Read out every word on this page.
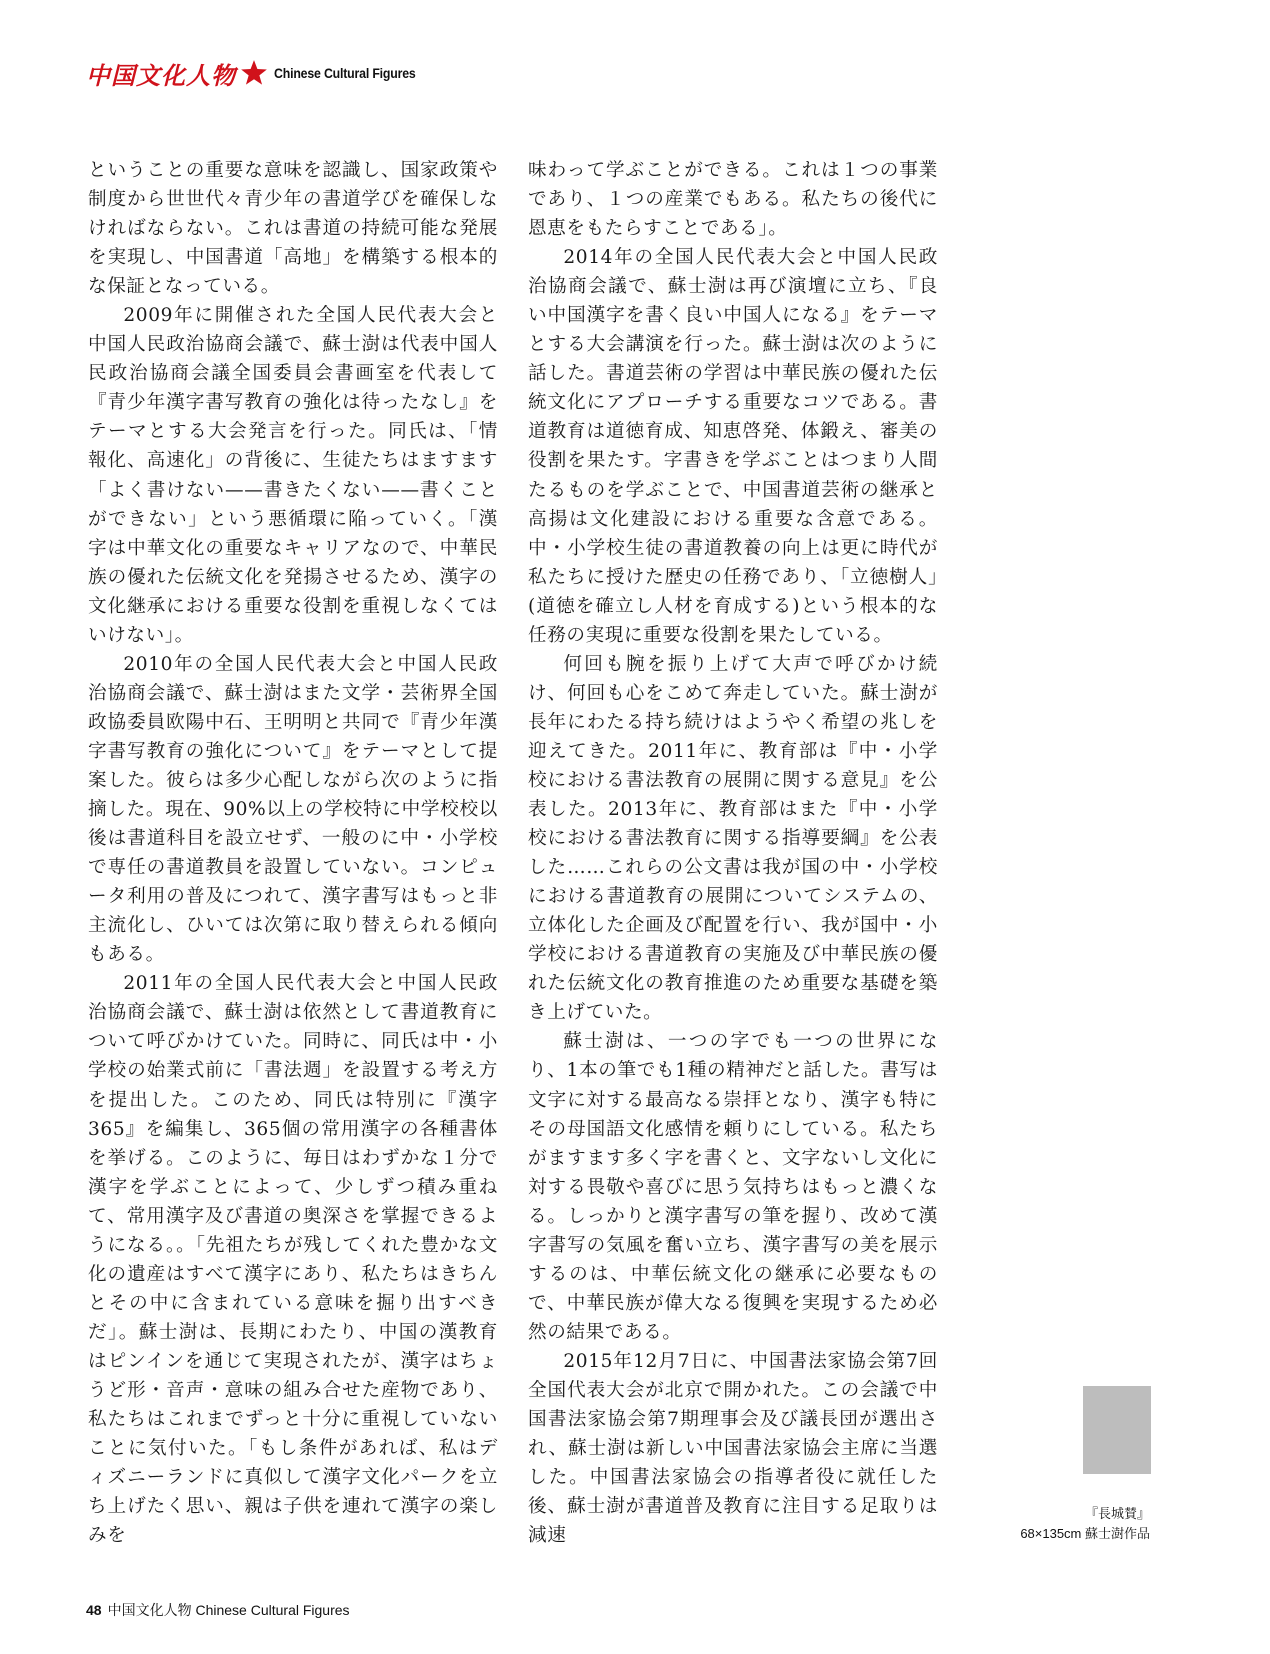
中国文化人物	Chinese Cultural Figures

ということの重要な意味を認識し、国家政策や制度から世世代々青少年の書道学びを確保しなければならない。これは書道の持続可能な発展を実現し、中国書道「高地」を構築する根本的な保証となっている。

2009年に開催された全国人民代表大会と中国人民政治協商会議で、蘇士澍は代表中国人民政治協商会議全国委員会書画室を代表して『青少年漢字書写教育の強化は待ったなし』をテーマとする大会発言を行った。同氏は、「情報化、高速化」の背後に、生徒たちはますます「よく書けない——書きたくない——書くことができない」という悪循環に陥っていく。「漢字は中華文化の重要なキャリアなので、中華民族の優れた伝統文化を発揚させるため、漢字の文化継承における重要な役割を重視しなくてはいけない」。

2010年の全国人民代表大会と中国人民政治協商会議で、蘇士澍はまた文学・芸術界全国政協委員欧陽中石、王明明と共同で『青少年漢字書写教育の強化について』をテーマとして提案した。彼らは多少心配しながら次のように指摘した。現在、90%以上の学校特に中学校校以後は書道科目を設立せず、一般のに中・小学校で専任の書道教員を設置していない。コンピュータ利用の普及につれて、漢字書写はもっと非主流化し、ひいては次第に取り替えられる傾向もある。

2011年の全国人民代表大会と中国人民政治協商会議で、蘇士澍は依然として書道教育について呼びかけていた。同時に、同氏は中・小学校の始業式前に「書法週」を設置する考え方を提出した。このため、同氏は特別に『漢字365』を編集し、365個の常用漢字の各種書体を挙げる。このように、毎日はわずかな１分で漢字を学ぶことによって、少しずつ積み重ねて、常用漢字及び書道の奥深さを掌握できるようになる。。「先祖たちが残してくれた豊かな文化の遺産はすべて漢字にあり、私たちはきちんとその中に含まれている意味を掘り出すべきだ」。蘇士澍は、長期にわたり、中国の漢教育はピンインを通じて実現されたが、漢字はちょうど形・音声・意味の組み合せた産物であり、私たちはこれまでずっと十分に重視していないことに気付いた。「もし条件があれば、私はディズニーランドに真似して漢字文化パークを立ち上げたく思い、親は子供を連れて漢字の楽しみを

味わって学ぶことができる。これは１つの事業であり、１つの産業でもある。私たちの後代に恩恵をもたらすことである」。

2014年の全国人民代表大会と中国人民政治協商会議で、蘇士澍は再び演壇に立ち、『良い中国漢字を書く良い中国人になる』をテーマとする大会講演を行った。蘇士澍は次のように話した。書道芸術の学習は中華民族の優れた伝統文化にアプローチする重要なコツである。書道教育は道徳育成、知恵啓発、体鍛え、審美の役割を果たす。字書きを学ぶことはつまり人間たるものを学ぶことで、中国書道芸術の継承と高揚は文化建設における重要な含意である。中・小学校生徒の書道教養の向上は更に時代が私たちに授けた歴史の任務であり、「立徳樹人」(道徳を確立し人材を育成する)という根本的な任務の実現に重要な役割を果たしている。

何回も腕を振り上げて大声で呼びかけ続け、何回も心をこめて奔走していた。蘇士澍が長年にわたる持ち続けはようやく希望の兆しを迎えてきた。2011年に、教育部は『中・小学校における書法教育の展開に関する意見』を公表した。2013年に、教育部はまた『中・小学校における書法教育に関する指導要綱』を公表した……これらの公文書は我が国の中・小学校における書道教育の展開についてシステムの、立体化した企画及び配置を行い、我が国中・小学校における書道教育の実施及び中華民族の優れた伝統文化の教育推進のため重要な基礎を築き上げていた。

蘇士澍は、一つの字でも一つの世界になり、1本の筆でも1種の精神だと話した。書写は文字に対する最高なる崇拝となり、漢字も特にその母国語文化感情を頼りにしている。私たちがますます多く字を書くと、文字ないし文化に対する畏敬や喜びに思う気持ちはもっと濃くなる。しっかりと漢字書写の筆を握り、改めて漢字書写の気風を奮い立ち、漢字書写の美を展示するのは、中華伝統文化の継承に必要なもので、中華民族が偉大なる復興を実現するため必然の結果である。

2015年12月7日に、中国書法家協会第7回全国代表大会が北京で開かれた。この会議で中国書法家協会第7期理事会及び議長団が選出され、蘇士澍は新しい中国書法家協会主席に当選した。中国書法家協会の指導者役に就任した後、蘇士澍が書道普及教育に注目する足取りは減速

『長城賛』
68×135cm 蘇士澍作品
48 中国文化人物 Chinese Cultural Figures
